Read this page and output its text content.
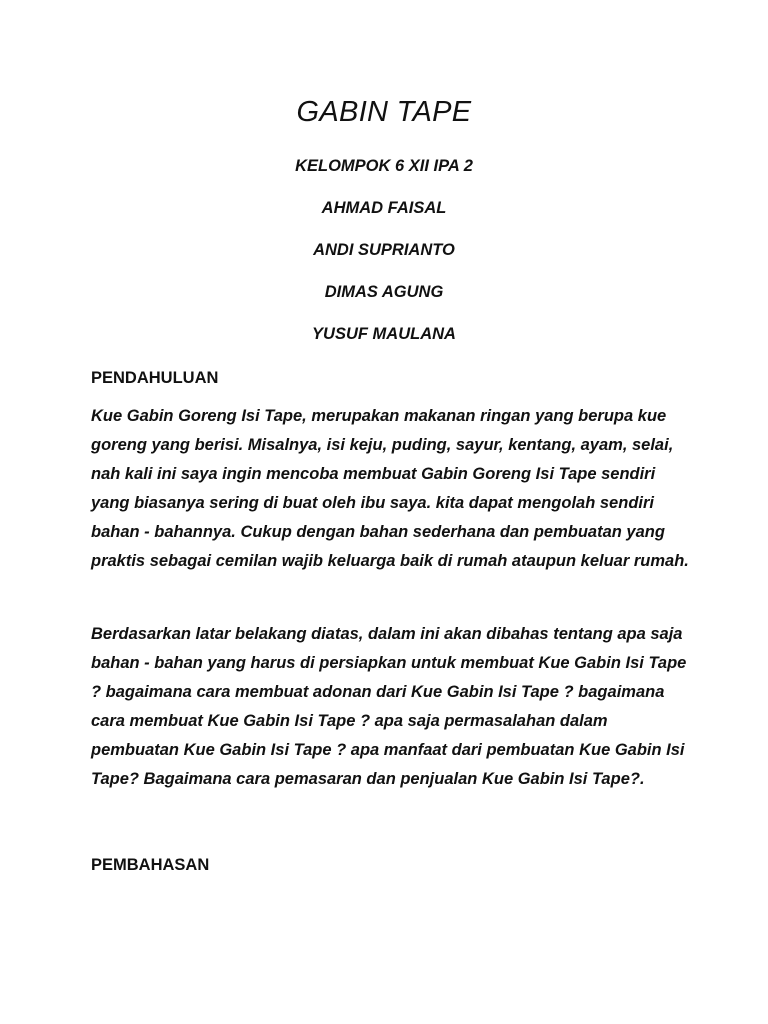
GABIN TAPE
KELOMPOK 6 XII IPA 2
AHMAD FAISAL
ANDI SUPRIANTO
DIMAS AGUNG
YUSUF MAULANA
PENDAHULUAN
Kue Gabin Goreng Isi Tape, merupakan makanan ringan yang berupa kue goreng yang berisi. Misalnya, isi keju, puding, sayur, kentang, ayam, selai, nah kali ini saya ingin mencoba membuat Gabin Goreng Isi Tape sendiri yang biasanya sering di buat oleh ibu saya. kita dapat mengolah sendiri bahan - bahannya. Cukup dengan bahan sederhana dan pembuatan yang praktis sebagai cemilan wajib keluarga baik di rumah ataupun keluar rumah.
Berdasarkan latar belakang diatas, dalam ini akan dibahas tentang apa saja bahan - bahan yang harus di persiapkan untuk membuat Kue Gabin Isi Tape ? bagaimana cara membuat adonan dari Kue Gabin Isi Tape ? bagaimana cara membuat Kue Gabin Isi Tape ? apa saja permasalahan dalam pembuatan Kue Gabin Isi Tape ? apa manfaat dari pembuatan Kue Gabin Isi Tape? Bagaimana cara pemasaran dan penjualan Kue Gabin Isi Tape?.
PEMBAHASAN
